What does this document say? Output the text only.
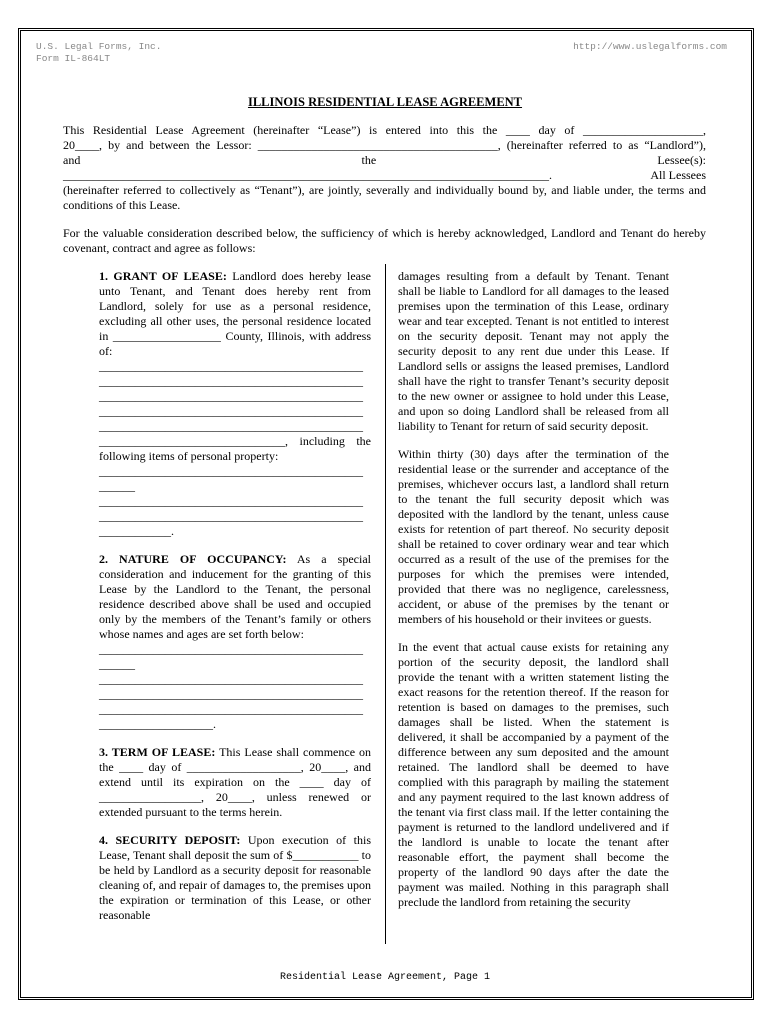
U.S. Legal Forms, Inc.
Form IL-864LT
http://www.uslegalforms.com
ILLINOIS RESIDENTIAL LEASE AGREEMENT
This Residential Lease Agreement (hereinafter “Lease”) is entered into this the ____ day of ____________________,
20____, by and between the Lessor: ________________________________________, (hereinafter referred to as “Landlord”),
and	the	Lessee(s):
_________________________________________________________________________________.	All Lessees
(hereinafter referred to collectively as “Tenant”), are jointly, severally and individually bound by, and liable under, the terms and conditions of this Lease.
For the valuable consideration described below, the sufficiency of which is hereby acknowledged, Landlord and Tenant do hereby covenant, contract and agree as follows:

1. GRANT OF LEASE: Landlord does hereby lease unto Tenant, and Tenant does hereby rent from Landlord, solely for use as a personal residence, excluding all other uses, the personal residence located in __________________ County, Illinois, with address of:

____________________________________________
____________________________________________
____________________________________________
____________________________________________
____________________________________________
_______________________________, including the
following items of personal property:
____________________________________________
______
____________________________________________
____________________________________________
____________.

2. NATURE OF OCCUPANCY: As a special consideration and inducement for the granting of this Lease by the Landlord to the Tenant, the personal residence described above shall be used and occupied only by the members of the Tenant’s family or others whose names and ages are set forth below:

____________________________________________
______
____________________________________________
____________________________________________
____________________________________________
___________________.

3. TERM OF LEASE: This Lease shall commence on the ____ day of ___________________, 20____, and extend until its expiration on the ____ day of _________________, 20____, unless renewed or extended pursuant to the terms herein.

4. SECURITY DEPOSIT: Upon execution of this Lease, Tenant shall deposit the sum of $___________ to be held by Landlord as a security deposit for reasonable cleaning of, and repair of damages to, the premises upon the expiration or termination of this Lease, or other reasonable

damages resulting from a default by Tenant. Tenant shall be liable to Landlord for all damages to the leased premises upon the termination of this Lease, ordinary wear and tear excepted. Tenant is not entitled to interest on the security deposit. Tenant may not apply the security deposit to any rent due under this Lease. If Landlord sells or assigns the leased premises, Landlord shall have the right to transfer Tenant’s security deposit to the new owner or assignee to hold under this Lease, and upon so doing Landlord shall be released from all liability to Tenant for return of said security deposit.

Within thirty (30) days after the termination of the residential lease or the surrender and acceptance of the premises, whichever occurs last, a landlord shall return to the tenant the full security deposit which was deposited with the landlord by the tenant, unless cause exists for retention of part thereof. No security deposit shall be retained to cover ordinary wear and tear which occurred as a result of the use of the premises for the purposes for which the premises were intended, provided that there was no negligence, carelessness, accident, or abuse of the premises by the tenant or members of his household or their invitees or guests.

In the event that actual cause exists for retaining any portion of the security deposit, the landlord shall provide the tenant with a written statement listing the exact reasons for the retention thereof. If the reason for retention is based on damages to the premises, such damages shall be listed. When the statement is delivered, it shall be accompanied by a payment of the difference between any sum deposited and the amount retained. The landlord shall be deemed to have complied with this paragraph by mailing the statement and any payment required to the last known address of the tenant via first class mail. If the letter containing the payment is returned to the landlord undelivered and if the landlord is unable to locate the tenant after reasonable effort, the payment shall become the property of the landlord 90 days after the date the payment was mailed. Nothing in this paragraph shall preclude the landlord from retaining the security

Residential Lease Agreement, Page 1
